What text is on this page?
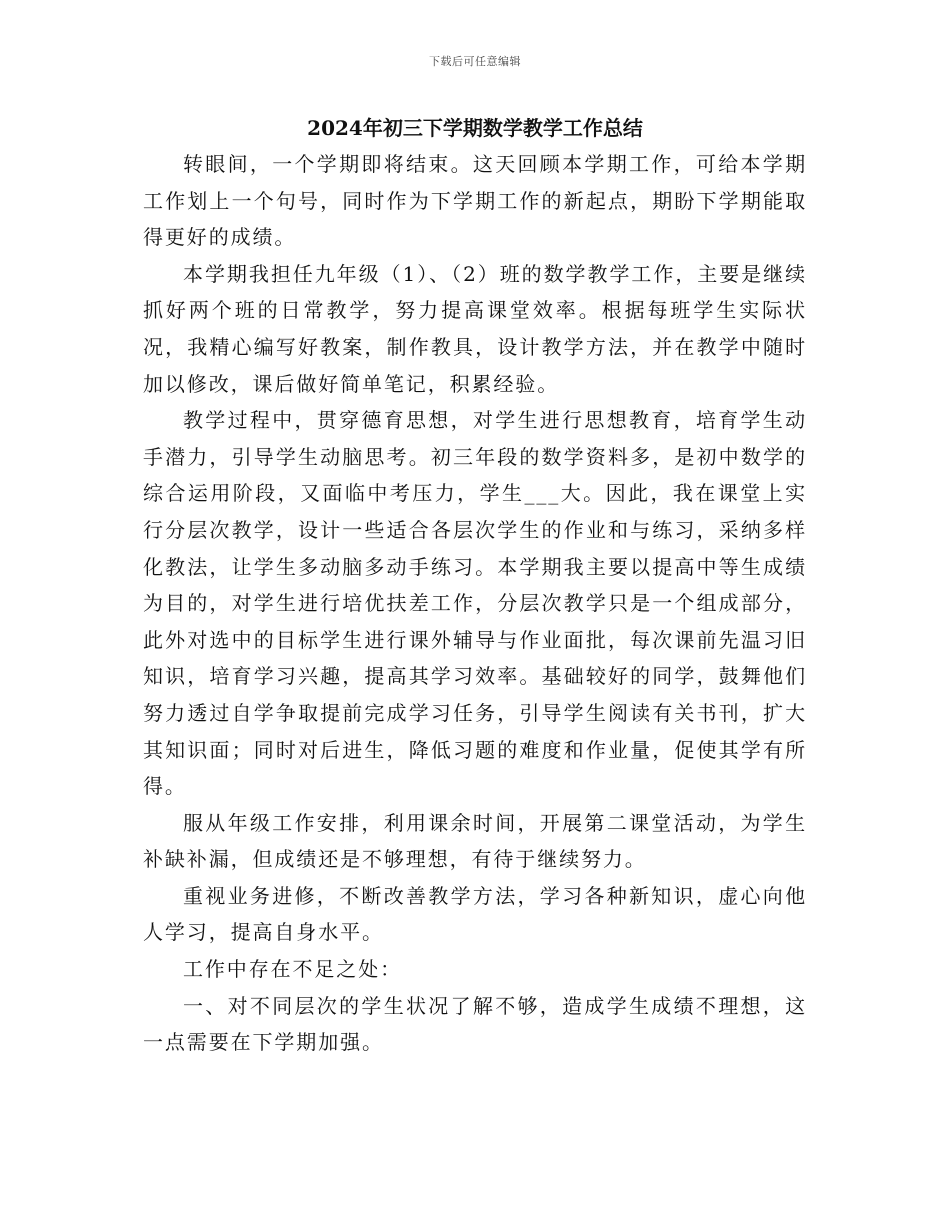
下载后可任意编辑
2024年初三下学期数学教学工作总结

转眼间，一个学期即将结束。这天回顾本学期工作，可给本学期工作划上一个句号，同时作为下学期工作的新起点，期盼下学期能取得更好的成绩。

本学期我担任九年级（1）、（2）班的数学教学工作，主要是继续抓好两个班的日常教学，努力提高课堂效率。根据每班学生实际状况，我精心编写好教案，制作教具，设计教学方法，并在教学中随时加以修改，课后做好简单笔记，积累经验。

教学过程中，贯穿德育思想，对学生进行思想教育，培育学生动手潜力，引导学生动脑思考。初三年段的数学资料多，是初中数学的综合运用阶段，又面临中考压力，学生___大。因此，我在课堂上实行分层次教学，设计一些适合各层次学生的作业和与练习，采纳多样化教法，让学生多动脑多动手练习。本学期我主要以提高中等生成绩为目的，对学生进行培优扶差工作，分层次教学只是一个组成部分，此外对选中的目标学生进行课外辅导与作业面批，每次课前先温习旧知识，培育学习兴趣，提高其学习效率。基础较好的同学，鼓舞他们努力透过自学争取提前完成学习任务，引导学生阅读有关书刊，扩大其知识面；同时对后进生，降低习题的难度和作业量，促使其学有所得。

服从年级工作安排，利用课余时间，开展第二课堂活动，为学生补缺补漏，但成绩还是不够理想，有待于继续努力。

重视业务进修，不断改善教学方法，学习各种新知识，虚心向他人学习，提高自身水平。

工作中存在不足之处：

一、对不同层次的学生状况了解不够，造成学生成绩不理想，这一点需要在下学期加强。
